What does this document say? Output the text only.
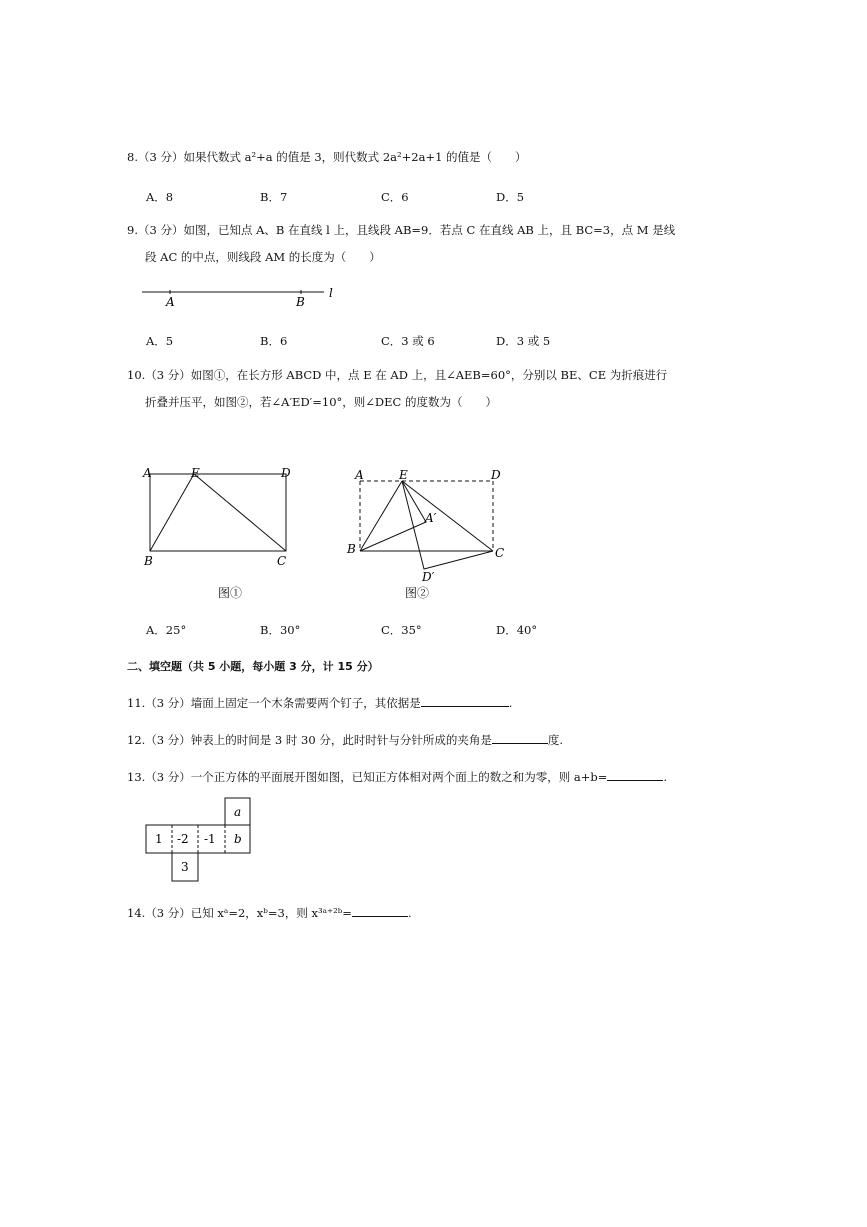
8.（3 分）如果代数式 a²+a 的值是 3，则代数式 2a²+2a+1 的值是（　　）
A．8	B．7	C．6	D．5
9.（3 分）如图，已知点 A、B 在直线 l 上，且线段 AB=9．若点 C 在直线 AB 上，且 BC=3，点 M 是线
段 AC 的中点，则线段 AM 的长度为（　　）
A	B
l
A．5	B．6	C．3 或 6	D．3 或 5
10.（3 分）如图①，在长方形 ABCD 中，点 E 在 AD 上，且∠AEB=60°，分别以 BE、CE 为折痕进行
折叠并压平，如图②，若∠A′ED′=10°，则∠DEC 的度数为（　　）
A	E	D
B	C
图①
A	E	D
A′
B	C
D′
图②
A．25°	B．30°	C．35°	D．40°
二、填空题（共 5 小题，每小题 3 分，计 15 分）
11.（3 分）墙面上固定一个木条需要两个钉子，其依据是	.
12.（3 分）钟表上的时间是 3 时 30 分，此时时针与分针所成的夹角是	度.
13.（3 分）一个正方体的平面展开图如图，已知正方体相对两个面上的数之和为零，则 a+b=	.
a
1 -2 -1 b
3
14.（3 分）已知 xᵃ=2，xᵇ=3，则 x³ᵃ⁺²ᵇ=	.
